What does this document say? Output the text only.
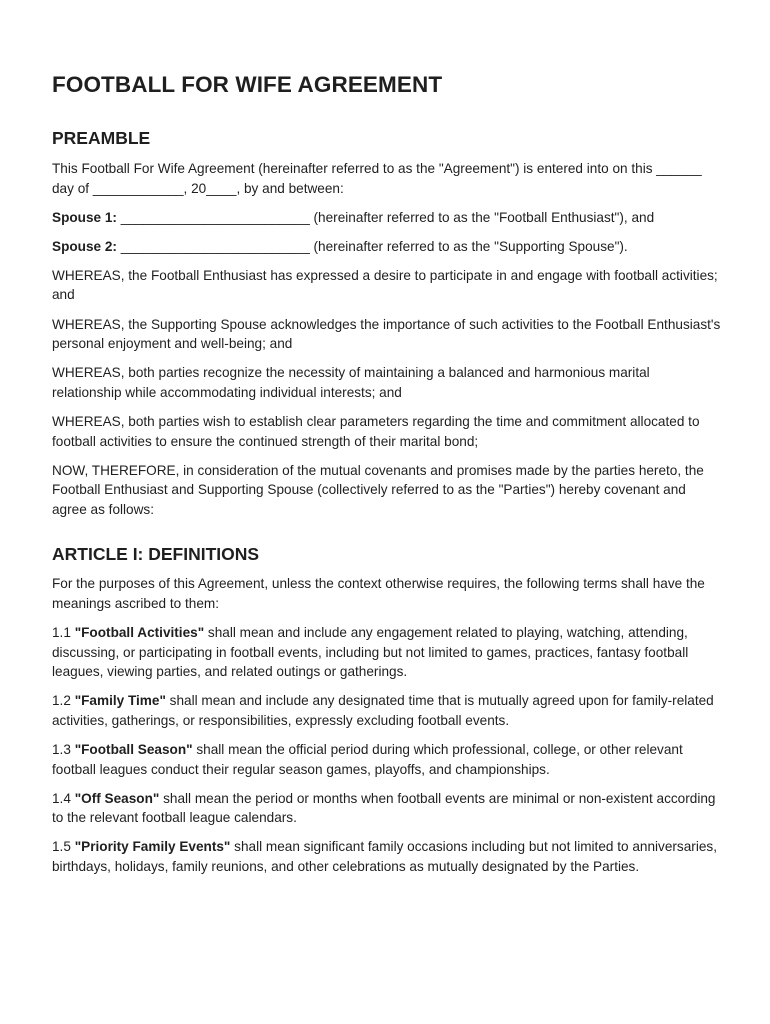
FOOTBALL FOR WIFE AGREEMENT
PREAMBLE

This Football For Wife Agreement (hereinafter referred to as the "Agreement") is entered into on this ______ day of ____________, 20____, by and between:

Spouse 1: _________________________ (hereinafter referred to as the "Football Enthusiast"), and

Spouse 2: _________________________ (hereinafter referred to as the "Supporting Spouse").

WHEREAS, the Football Enthusiast has expressed a desire to participate in and engage with football activities; and

WHEREAS, the Supporting Spouse acknowledges the importance of such activities to the Football Enthusiast's personal enjoyment and well-being; and

WHEREAS, both parties recognize the necessity of maintaining a balanced and harmonious marital relationship while accommodating individual interests; and

WHEREAS, both parties wish to establish clear parameters regarding the time and commitment allocated to football activities to ensure the continued strength of their marital bond;

NOW, THEREFORE, in consideration of the mutual covenants and promises made by the parties hereto, the Football Enthusiast and Supporting Spouse (collectively referred to as the "Parties") hereby covenant and agree as follows:

ARTICLE I: DEFINITIONS

For the purposes of this Agreement, unless the context otherwise requires, the following terms shall have the meanings ascribed to them:

1.1 "Football Activities" shall mean and include any engagement related to playing, watching, attending, discussing, or participating in football events, including but not limited to games, practices, fantasy football leagues, viewing parties, and related outings or gatherings.

1.2 "Family Time" shall mean and include any designated time that is mutually agreed upon for family-related activities, gatherings, or responsibilities, expressly excluding football events.

1.3 "Football Season" shall mean the official period during which professional, college, or other relevant football leagues conduct their regular season games, playoffs, and championships.

1.4 "Off Season" shall mean the period or months when football events are minimal or non-existent according to the relevant football league calendars.

1.5 "Priority Family Events" shall mean significant family occasions including but not limited to anniversaries, birthdays, holidays, family reunions, and other celebrations as mutually designated by the Parties.
